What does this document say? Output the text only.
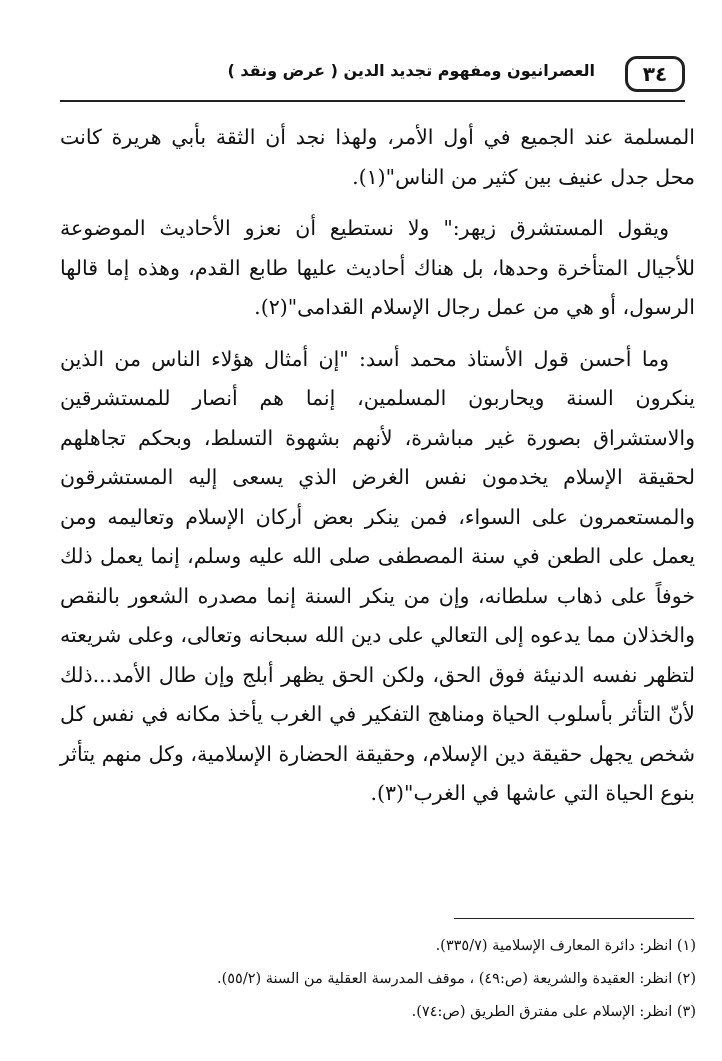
٣٤
العصرانيون ومفهوم تجديد الدين ( عرض ونقد )

المسلمة عند الجميع في أول الأمر، ولهذا نجد أن الثقة بأبي هريرة كانت محل جدل عنيف بين كثير من الناس"(١).

ويقول المستشرق زيهر:" ولا نستطيع أن نعزو الأحاديث الموضوعة للأجيال المتأخرة وحدها، بل هناك أحاديث عليها طابع القدم، وهذه إما قالها الرسول، أو هي من عمل رجال الإسلام القدامى"(٢).

وما أحسن قول الأستاذ محمد أسد: "إن أمثال هؤلاء الناس من الذين ينكرون السنة ويحاربون المسلمين، إنما هم أنصار للمستشرقين والاستشراق بصورة غير مباشرة، لأنهم بشهوة التسلط، وبحكم تجاهلهم لحقيقة الإسلام يخدمون نفس الغرض الذي يسعى إليه المستشرقون والمستعمرون على السواء، فمن ينكر بعض أركان الإسلام وتعاليمه ومن يعمل على الطعن في سنة المصطفى صلى الله عليه وسلم، إنما يعمل ذلك خوفاً على ذهاب سلطانه، وإن من ينكر السنة إنما مصدره الشعور بالنقص والخذلان مما يدعوه إلى التعالي على دين الله سبحانه وتعالى، وعلى شريعته لتظهر نفسه الدنيئة فوق الحق، ولكن الحق يظهر أبلج وإن طال الأمد...ذلك لأنّ التأثر بأسلوب الحياة ومناهج التفكير في الغرب يأخذ مكانه في نفس كل شخص يجهل حقيقة دين الإسلام، وحقيقة الحضارة الإسلامية، وكل منهم يتأثر بنوع الحياة التي عاشها في الغرب"(٣).

(١) انظر: دائرة المعارف الإسلامية (٣٣٥/٧).
(٢) انظر: العقيدة والشريعة (ص:٤٩) ، موقف المدرسة العقلية من السنة (٥٥/٢).
(٣) انظر: الإسلام على مفترق الطريق (ص:٧٤).
